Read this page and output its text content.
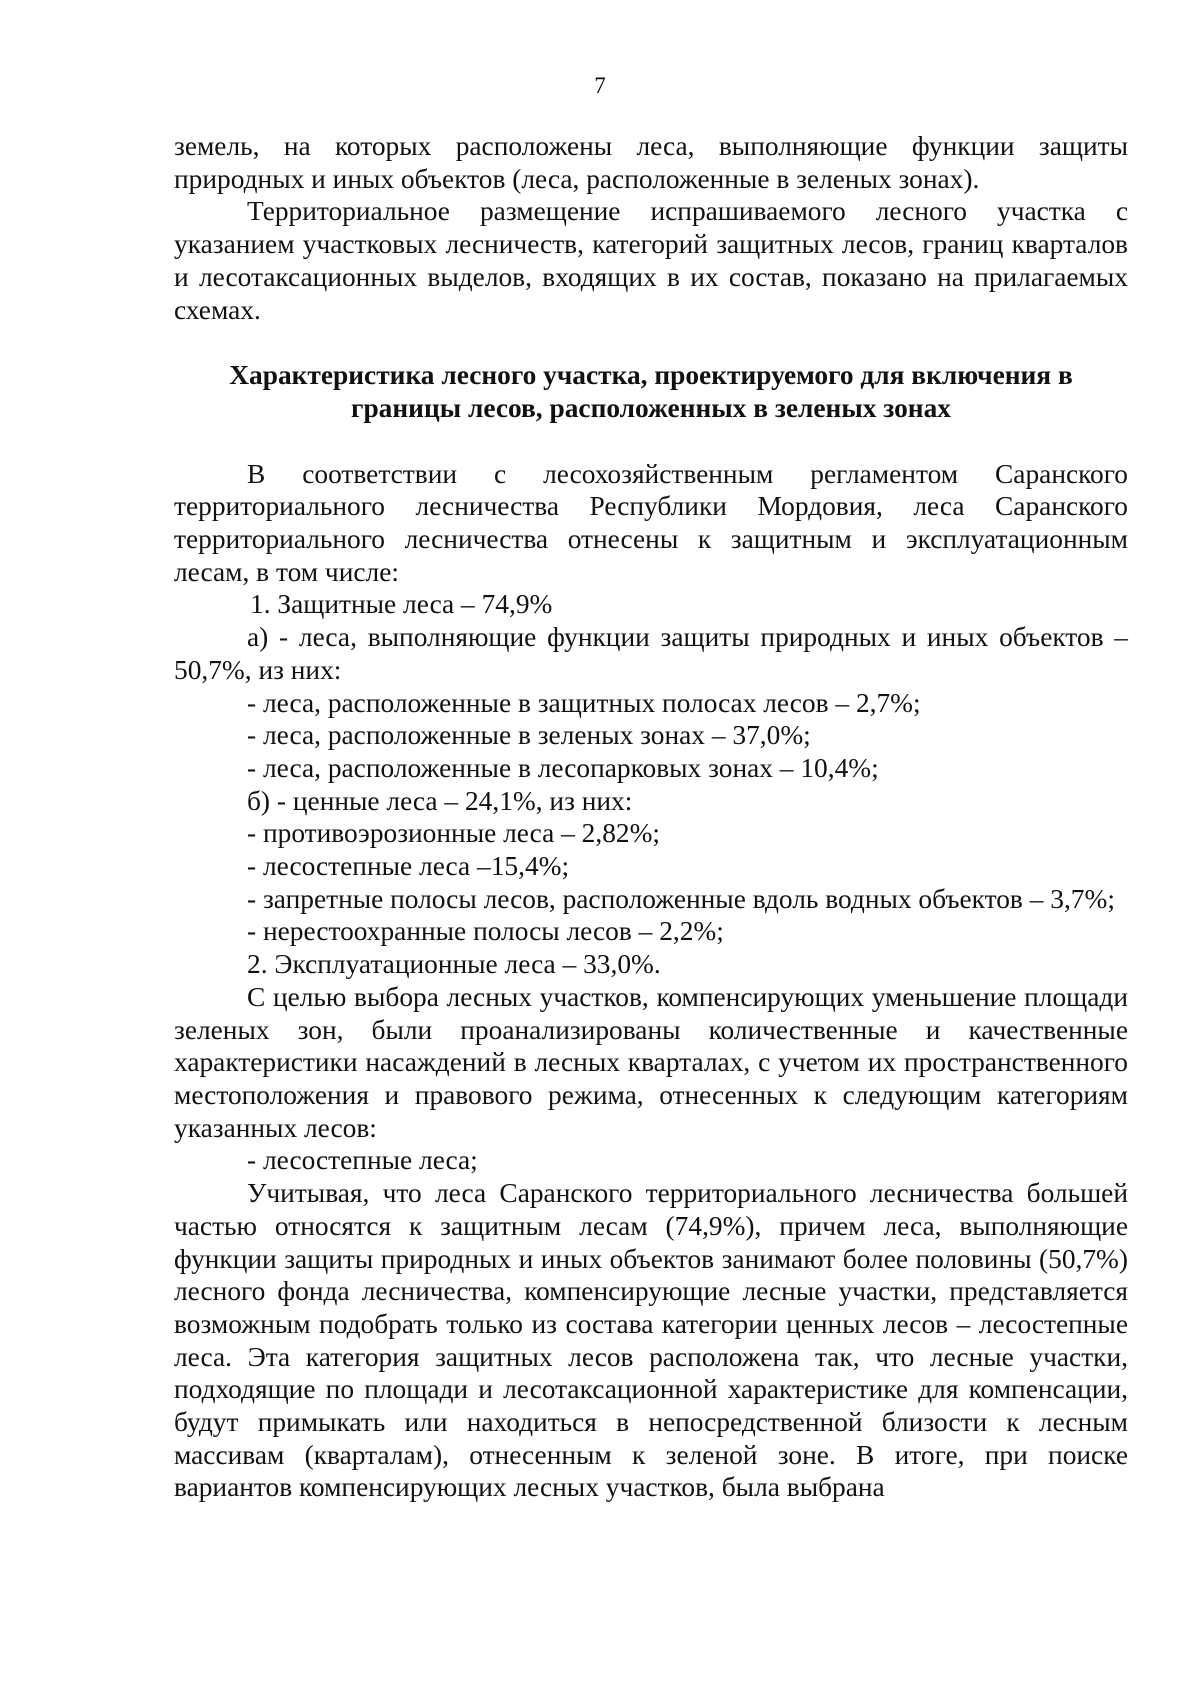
7

земель, на которых расположены леса, выполняющие функции защиты природных и иных объектов (леса, расположенные в зеленых зонах).

Территориальное размещение испрашиваемого лесного участка с указанием участковых лесничеств, категорий защитных лесов, границ кварталов и лесотаксационных выделов, входящих в их состав, показано на прилагаемых схемах.

Характеристика лесного участка, проектируемого для включения в границы лесов, расположенных в зеленых зонах

В соответствии с лесохозяйственным регламентом Саранского территориального лесничества Республики Мордовия, леса Саранского территориального лесничества отнесены к защитным и эксплуатационным лесам, в том числе:

1. Защитные леса – 74,9%

а) - леса, выполняющие функции защиты природных и иных объектов – 50,7%, из них:

- леса, расположенные в защитных полосах лесов – 2,7%;

- леса, расположенные в зеленых зонах – 37,0%;

- леса, расположенные в лесопарковых зонах – 10,4%;

б) - ценные леса – 24,1%, из них:

- противоэрозионные леса – 2,82%;

- лесостепные леса –15,4%;

- запретные полосы лесов, расположенные вдоль водных объектов – 3,7%;

- нерестоохранные полосы лесов – 2,2%;

2. Эксплуатационные леса – 33,0%.

С целью выбора лесных участков, компенсирующих уменьшение площади зеленых зон, были проанализированы количественные и качественные характеристики насаждений в лесных кварталах, с учетом их пространственного местоположения и правового режима, отнесенных к следующим категориям указанных лесов:

- лесостепные леса;

Учитывая, что леса Саранского территориального лесничества большей частью относятся к защитным лесам (74,9%), причем леса, выполняющие функции защиты природных и иных объектов занимают более половины (50,7%) лесного фонда лесничества, компенсирующие лесные участки, представляется возможным подобрать только из состава категории ценных лесов – лесостепные леса. Эта категория защитных лесов расположена так, что лесные участки, подходящие по площади и лесотаксационной характеристике для компенсации, будут примыкать или находиться в непосредственной близости к лесным массивам (кварталам), отнесенным к зеленой зоне. В итоге, при поиске вариантов компенсирующих лесных участков, была выбрана
